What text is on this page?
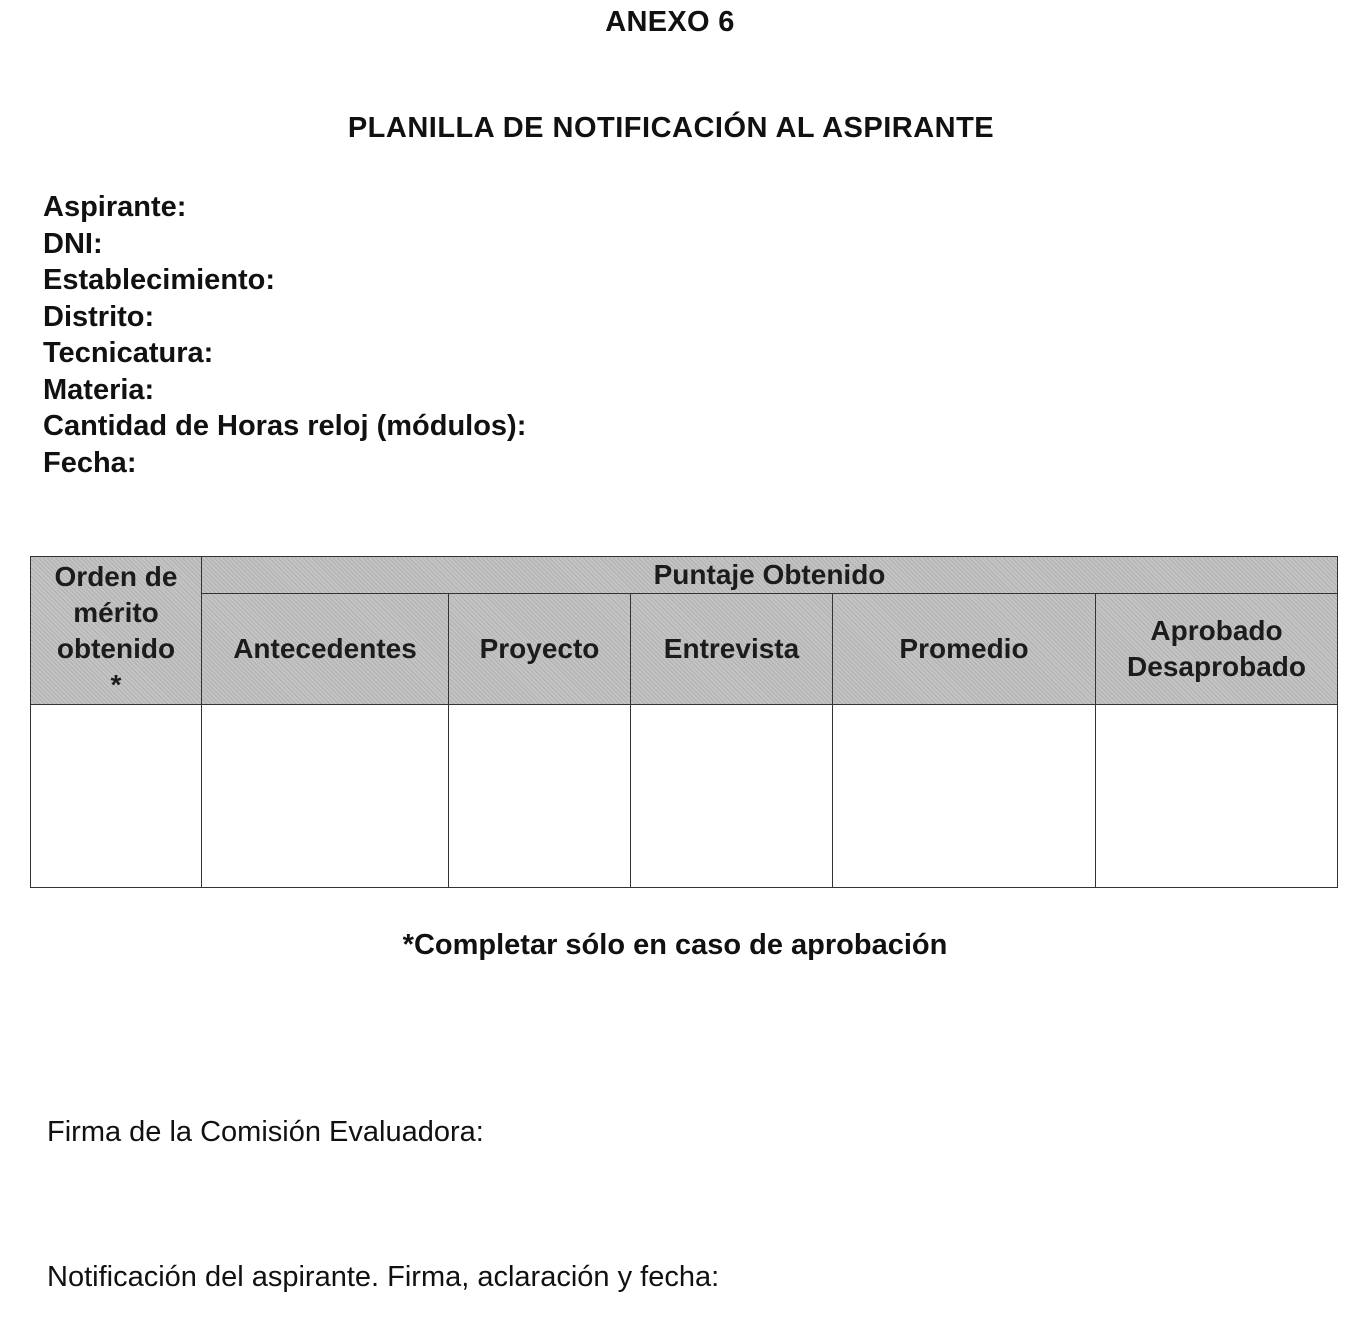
ANEXO 6
PLANILLA DE NOTIFICACIÓN AL ASPIRANTE
Aspirante:
DNI:
Establecimiento:
Distrito:
Tecnicatura:
Materia:
Cantidad de Horas reloj (módulos):
Fecha:
Orden de
mérito
obtenido
*	Puntaje Obtenido				
	Antecedentes	Proyecto	Entrevista	Promedio	Aprobado
Desaprobado

*Completar sólo en caso de aprobación
Firma de la Comisión Evaluadora:
Notificación del aspirante. Firma, aclaración y fecha:
